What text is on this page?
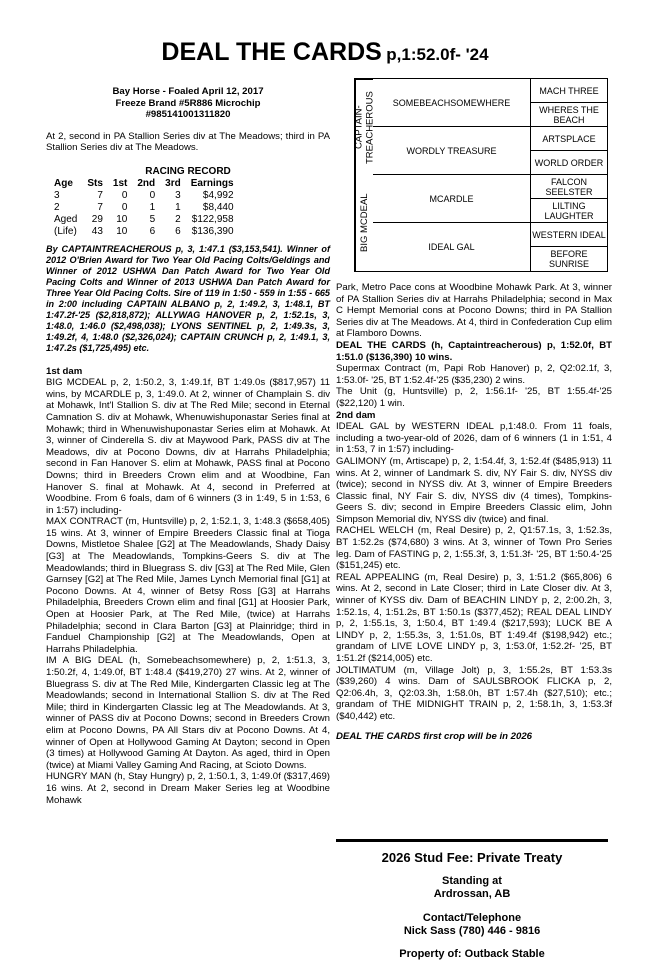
DEAL THE CARDS p,1:52.0f- '24

Bay Horse - Foaled April 12, 2017

Freeze Brand #5R886 Microchip

#985141001311820

At 2, second in PA Stallion Series div at The Meadows; third in PA Stallion Series div at The Meadows.

RACING RECORD

Age	Sts	1st	2nd	3rd	Earnings
3	7	0	0	3	$4,992
2	7	0	1	1	$8,440
Aged	29	10	5	2	$122,958
(Life)	43	10	6	6	$136,390

By CAPTAINTREACHEROUS p, 3, 1:47.1 ($3,153,541). Winner of 2012 O'Brien Award for Two Year Old Pacing Colts/Geldings and Winner of 2012 USHWA Dan Patch Award for Two Year Old Pacing Colts and Winner of 2013 USHWA Dan Patch Award for Three Year Old Pacing Colts. Sire of 119 in 1:50 - 559 in 1:55 - 665 in 2:00 including CAPTAIN ALBANO p, 2, 1:49.2, 3, 1:48.1, BT 1:47.2f-'25 ($2,818,872); ALLYWAG HANOVER p, 2, 1:52.1s, 3, 1:48.0, 1:46.0 ($2,498,038); LYONS SENTINEL p, 2, 1:49.3s, 3, 1:49.2f, 4, 1:48.0 ($2,326,024); CAPTAIN CRUNCH p, 2, 1:49.1, 3, 1:47.2s ($1,725,495) etc.

1st dam

BIG MCDEAL p, 2, 1:50.2, 3, 1:49.1f, BT 1:49.0s ($817,957) 11 wins, by MCARDLE p, 3, 1:49.0. At 2, winner of Champlain S. div at Mohawk, Int'l Stallion S. div at The Red Mile; second in Eternal Camnation S. div at Mohawk, Whenuwishuponastar Series final at Mohawk; third in Whenuwishuponastar Series elim at Mohawk. At 3, winner of Cinderella S. div at Maywood Park, PASS div at The Meadows, div at Pocono Downs, div at Harrahs Philadelphia; second in Fan Hanover S. elim at Mohawk, PASS final at Pocono Downs; third in Breeders Crown elim and at Woodbine, Fan Hanover S. final at Mohawk. At 4, second in Preferred at Woodbine. From 6 foals, dam of 6 winners (3 in 1:49, 5 in 1:53, 6 in 1:57) including-

MAX CONTRACT (m, Huntsville) p, 2, 1:52.1, 3, 1:48.3 ($658,405) 15 wins. At 3, winner of Empire Breeders Classic final at Tioga Downs, Mistletoe Shalee [G2] at The Meadowlands, Shady Daisy [G3] at The Meadowlands, Tompkins-Geers S. div at The Meadowlands; third in Bluegrass S. div [G3] at The Red Mile, Glen Garnsey [G2] at The Red Mile, James Lynch Memorial final [G1] at Pocono Downs. At 4, winner of Betsy Ross [G3] at Harrahs Philadelphia, Breeders Crown elim and final [G1] at Hoosier Park, Open at Hoosier Park, at The Red Mile, (twice) at Harrahs Philadelphia; second in Clara Barton [G3] at Plainridge; third in Fanduel Championship [G2] at The Meadowlands, Open at Harrahs Philadelphia.

IM A BIG DEAL (h, Somebeachsomewhere) p, 2, 1:51.3, 3, 1:50.2f, 4, 1:49.0f, BT 1:48.4 ($419,270) 27 wins. At 2, winner of Bluegrass S. div at The Red Mile, Kindergarten Classic leg at The Meadowlands; second in International Stallion S. div at The Red Mile; third in Kindergarten Classic leg at The Meadowlands. At 3, winner of PASS div at Pocono Downs; second in Breeders Crown elim at Pocono Downs, PA All Stars div at Pocono Downs. At 4, winner of Open at Hollywood Gaming At Dayton; second in Open (3 times) at Hollywood Gaming At Dayton. As aged, third in Open (twice) at Miami Valley Gaming And Racing, at Scioto Downs.

HUNGRY MAN (h, Stay Hungry) p, 2, 1:50.1, 3, 1:49.0f ($317,469) 16 wins. At 2, second in Dream Maker Series leg at Woodbine Mohawk

CAPTAIN-TREACHEROUS
BIG MCDEAL
SOMEBEACHSOMEWHERE
WORDLY TREASURE
MCARDLE
IDEAL GAL
MACH THREE
WHERES THE BEACH
ARTSPLACE
WORLD ORDER
FALCON SEELSTER
LILTING LAUGHTER
WESTERN IDEAL
BEFORE SUNRISE

Park, Metro Pace cons at Woodbine Mohawk Park. At 3, winner of PA Stallion Series div at Harrahs Philadelphia; second in Max C Hempt Memorial cons at Pocono Downs; third in PA Stallion Series div at The Meadows. At 4, third in Confederation Cup elim at Flamboro Downs.

DEAL THE CARDS (h, Captaintreacherous) p, 1:52.0f, BT 1:51.0 ($136,390) 10 wins.

Supermax Contract (m, Papi Rob Hanover) p, 2, Q2:02.1f, 3, 1:53.0f- '25, BT 1:52.4f-'25 ($35,230) 2 wins.

The Unit (g, Huntsville) p, 2, 1:56.1f- '25, BT 1:55.4f-'25 ($22,120) 1 win.

2nd dam

IDEAL GAL by WESTERN IDEAL p,1:48.0. From 11 foals, including a two-year-old of 2026, dam of 6 winners (1 in 1:51, 4 in 1:53, 7 in 1:57) including-

GALIMONY (m, Artiscape) p, 2, 1:54.4f, 3, 1:52.4f ($485,913) 11 wins. At 2, winner of Landmark S. div, NY Fair S. div, NYSS div (twice); second in NYSS div. At 3, winner of Empire Breeders Classic final, NY Fair S. div, NYSS div (4 times), Tompkins-Geers S. div; second in Empire Breeders Classic elim, John Simpson Memorial div, NYSS div (twice) and final.

RACHEL WELCH (m, Real Desire) p, 2, Q1:57.1s, 3, 1:52.3s, BT 1:52.2s ($74,680) 3 wins. At 3, winner of Town Pro Series leg. Dam of FASTING p, 2, 1:55.3f, 3, 1:51.3f- '25, BT 1:50.4-'25 ($151,245) etc.

REAL APPEALING (m, Real Desire) p, 3, 1:51.2 ($65,806) 6 wins. At 2, second in Late Closer; third in Late Closer div. At 3, winner of KYSS div. Dam of BEACHIN LINDY p, 2, 2:00.2h, 3, 1:52.1s, 4, 1:51.2s, BT 1:50.1s ($377,452); REAL DEAL LINDY p, 2, 1:55.1s, 3, 1:50.4, BT 1:49.4 ($217,593); LUCK BE A LINDY p, 2, 1:55.3s, 3, 1:51.0s, BT 1:49.4f ($198,942) etc.; grandam of LIVE LOVE LINDY p, 3, 1:53.0f, 1:52.2f- '25, BT 1:51.2f ($214,005) etc.

JOLTIMATUM (m, Village Jolt) p, 3, 1:55.2s, BT 1:53.3s ($39,260) 4 wins. Dam of SAULSBROOK FLICKA p, 2, Q2:06.4h, 3, Q2:03.3h, 1:58.0h, BT 1:57.4h ($27,510); etc.; grandam of THE MIDNIGHT TRAIN p, 2, 1:58.1h, 3, 1:53.3f ($40,442) etc.

DEAL THE CARDS first crop will be in 2026

2026 Stud Fee: Private Treaty
Standing at
Ardrossan, AB
Contact/Telephone
Nick Sass (780) 446 - 9816
Property of: Outback Stable
